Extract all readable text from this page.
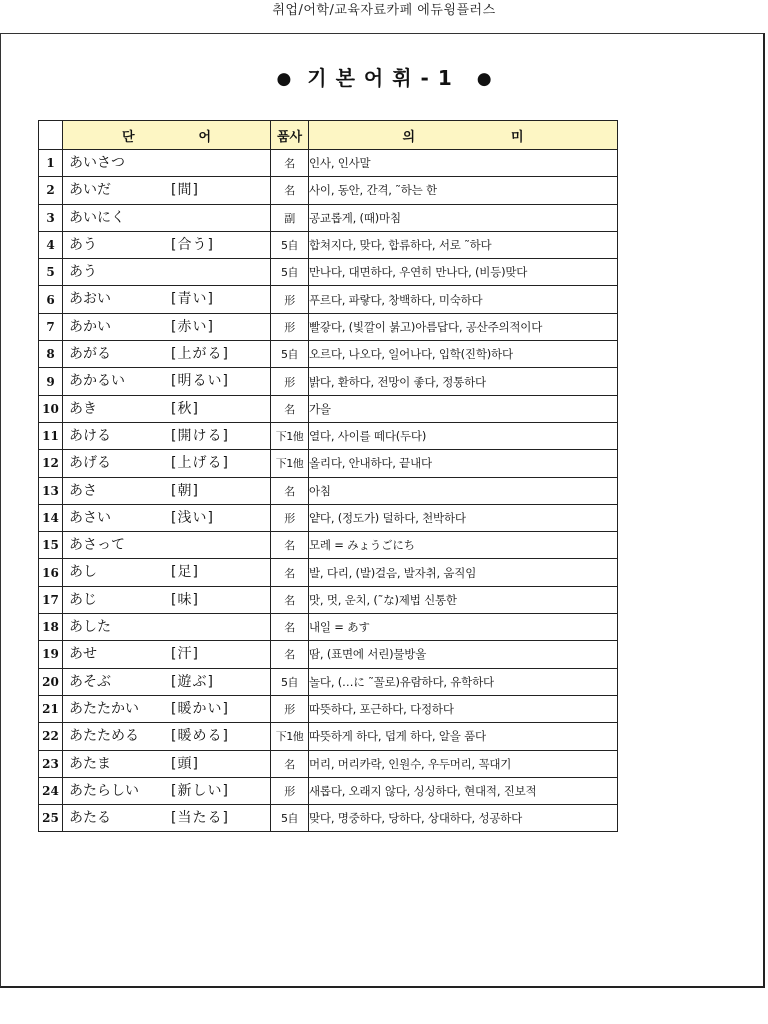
취업/어학/교육자료카페 에듀윙플러스
● 기본어휘-1 ●
	단 어	품사	의 미
1	あいさつ	名	인사, 인사말
2	あいだ [間]	名	사이, 동안, 간격, ˜하는 한
3	あいにく	副	공교롭게, (때)마침
4	あう [合う]	5自	합쳐지다, 맞다, 합류하다, 서로 ˜하다
5	あう	5自	만나다, 대면하다, 우연히 만나다, (비등)맞다
6	あおい [青い]	形	푸르다, 파랗다, 창백하다, 미숙하다
7	あかい [赤い]	形	빨갛다, (빛깔이 붉고)아름답다, 공산주의적이다
8	あがる [上がる]	5自	오르다, 나오다, 일어나다, 입학(진학)하다
9	あかるい [明るい]	形	밝다, 환하다, 전망이 좋다, 정통하다
10	あき [秋]	名	가을
11	あける [開ける]	下1他	열다, 사이를 떼다(두다)
12	あげる [上げる]	下1他	올리다, 안내하다, 끝내다
13	あさ [朝]	名	아침
14	あさい [浅い]	形	얕다, (정도가) 덜하다, 천박하다
15	あさって	名	모레 = みょうごにち
16	あし [足]	名	발, 다리, (발)걸음, 발자취, 움직임
17	あじ [味]	名	맛, 멋, 운치, (˜な)제법 신통한
18	あした	名	내일 = あす
19	あせ [汗]	名	땀, (표면에 서린)물방울
20	あそぶ [遊ぶ]	5自	놀다, (…に ˜꼴로)유람하다, 유학하다
21	あたたかい [暖かい]	形	따뜻하다, 포근하다, 다정하다
22	あたためる [暖める]	下1他	따뜻하게 하다, 덥게 하다, 알을 품다
23	あたま [頭]	名	머리, 머리카락, 인원수, 우두머리, 꼭대기
24	あたらしい [新しい]	形	새롭다, 오래지 않다, 싱싱하다, 현대적, 진보적
25	あたる [当たる]	5自	맞다, 명중하다, 당하다, 상대하다, 성공하다
